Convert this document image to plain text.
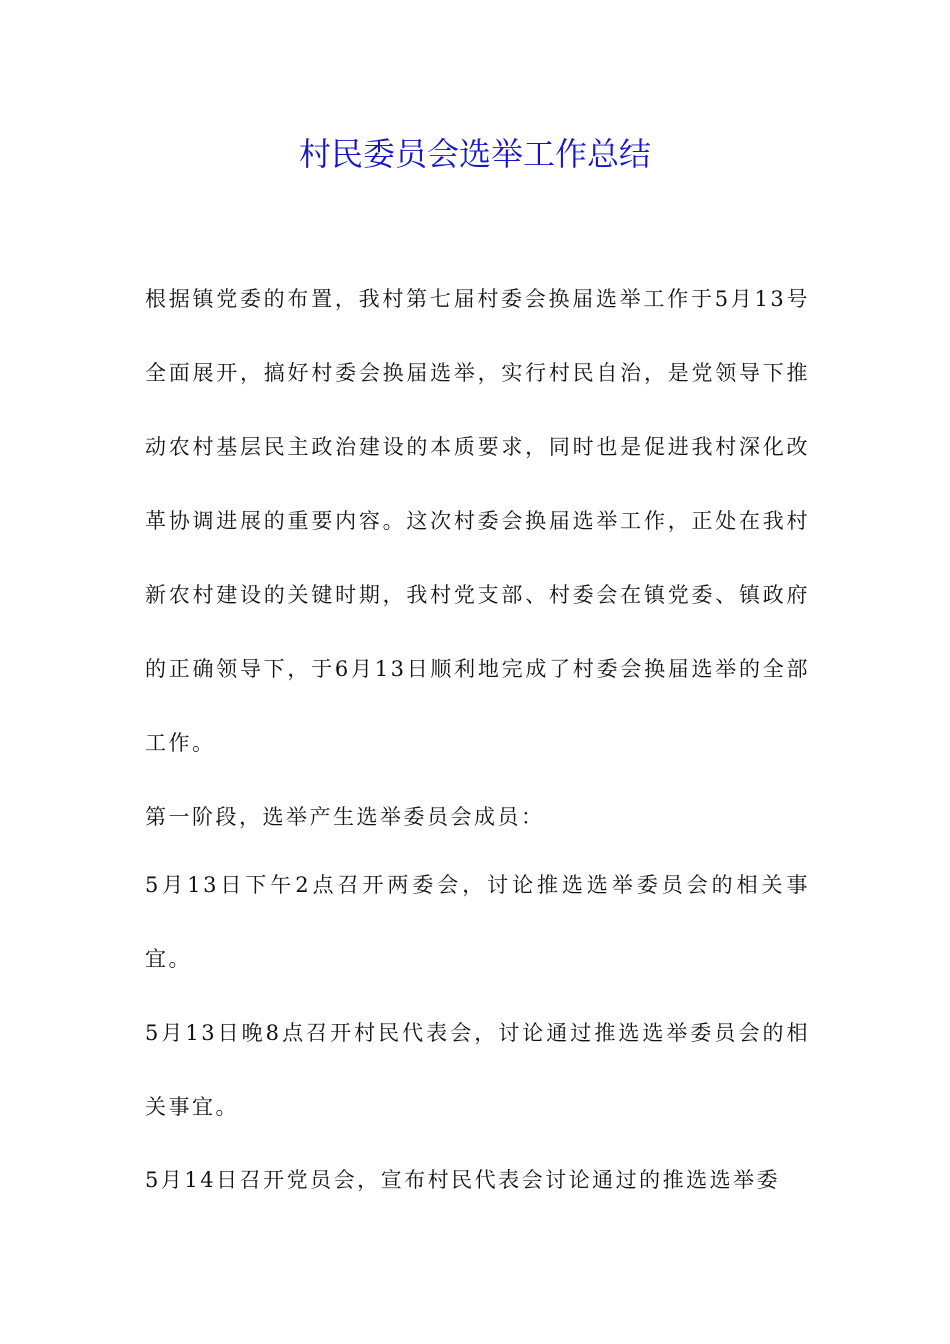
村民委员会选举工作总结

根据镇党委的布置，我村第七届村委会换届选举工作于5月13号全面展开，搞好村委会换届选举，实行村民自治，是党领导下推动农村基层民主政治建设的本质要求，同时也是促进我村深化改革协调进展的重要内容。这次村委会换届选举工作，正处在我村新农村建设的关键时期，我村党支部、村委会在镇党委、镇政府的正确领导下，于6月13日顺利地完成了村委会换届选举的全部工作。

第一阶段，选举产生选举委员会成员：

5月13日下午2点召开两委会，讨论推选选举委员会的相关事宜。

5月13日晚8点召开村民代表会，讨论通过推选选举委员会的相关事宜。

5月14日召开党员会，宣布村民代表会讨论通过的推选选举委
